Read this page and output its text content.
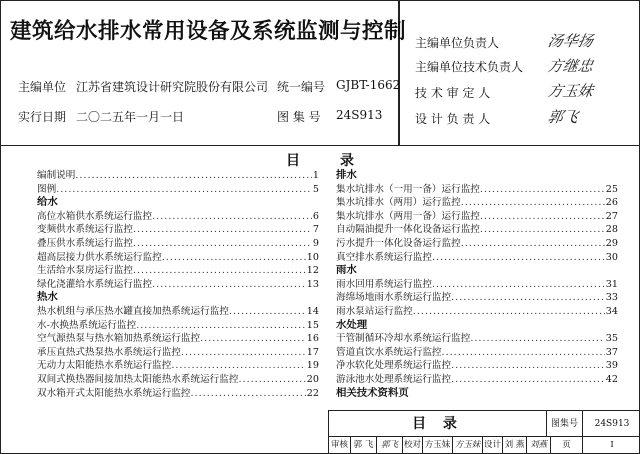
建筑给水排水常用设备及系统监测与控制
主编单位 江苏省建筑设计研究院股份有限公司 统一编号 GJBT-1662
实行日期 二〇二五年一月一日	图 集 号 24S913
主编单位负责人	汤华扬
主编单位技术负责人 方继忠
技 术 审 定 人	方玉妹
设 计 负 责 人	郭飞
目	录
编制说明 .....	1
图例 .....	5
给水
高位水箱供水系统运行监控 .....	6
变频供水系统运行监控 .....	7
叠压供水系统运行监控 .....	9
超高层接力供水系统运行监控 .....	10
生活给水泵房运行监控 .....	12
绿化浇灌给水系统运行监控 .....	13
热水
热水机组与承压热水罐直接加热系统运行监控 .....	14
水-水换热系统运行监控 .....	15
空气源热泵与热水箱加热系统运行监控 .....	16
承压直热式热泵热水系统运行监控 .....	17
无动力太阳能热水系统运行监控 .....	19
双间式换热器间接加热太阳能热水系统运行监控 .....	20
双水箱开式太阳能热水系统运行监控 .....	22
排水
集水坑排水（一用一备）运行监控 .....	25
集水坑排水（两用）运行监控 .....	26
集水坑排水（两用一备）运行监控 .....	27
自动隔油提升一体化设备运行监控 .....	28
污水提升一体化设备运行监控 .....	29
真空排水系统运行监控 .....	30
雨水
雨水回用系统运行监控 .....	31
海绵场地雨水系统运行监控 .....	33
雨水泵站运行监控 .....	34
水处理
干管制循环冷却水系统运行监控 .....	35
管道直饮水系统运行监控 .....	37
净水软化处理系统运行监控 .....	39
游泳池水处理系统运行监控 .....	42
相关技术资料页
目 录	图集号	24S913
审核 郭 飞 郭飞 校对 方玉妹 方玉妹 设计 刘 燕 刘燕	页	I
